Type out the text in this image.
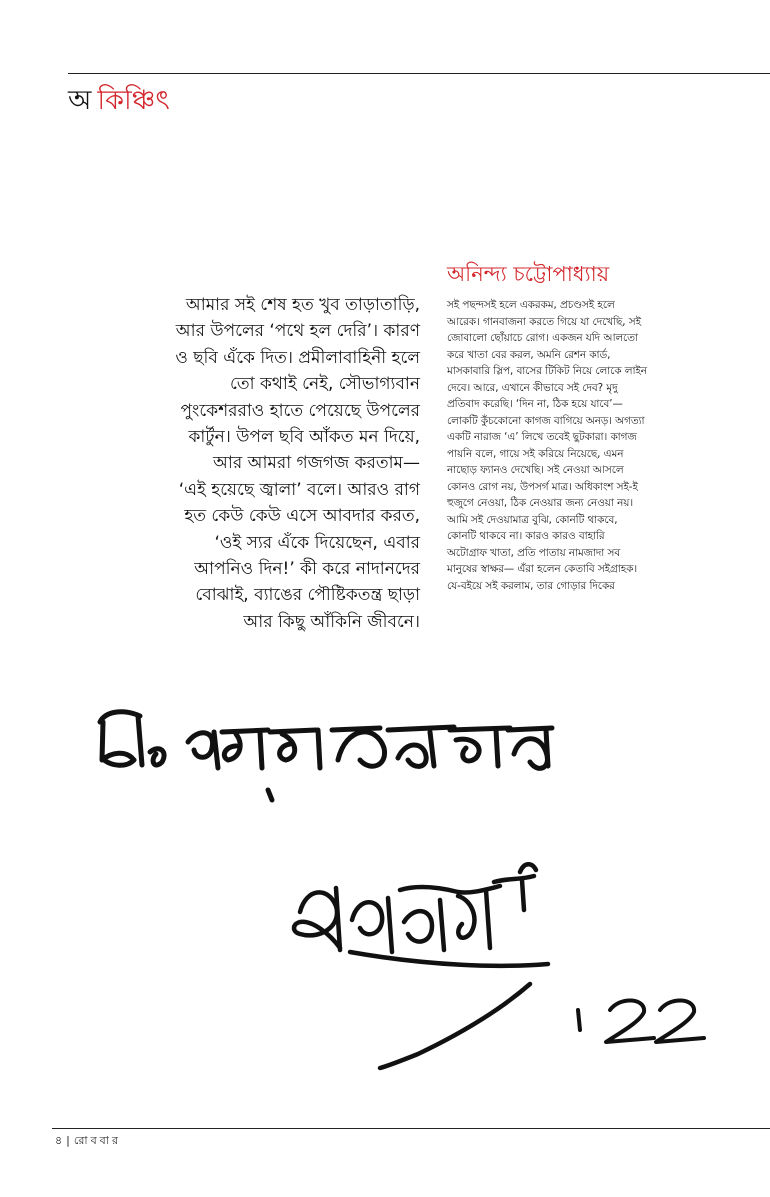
অ কিঞ্চিৎ
অনিন্দ্য চট্টোপাধ্যায়
আমার সই শেষ হত খুব তাড়াতাড়ি,
আর উপলের ‘পথে হল দেরি’। কারণ
ও ছবি এঁকে দিত। প্রমীলাবাহিনী হলে
তো কথাই নেই, সৌভাগ্যবান
পুংকেশররাও হাতে পেয়েছে উপলের
কার্টুন। উপল ছবি আঁকত মন দিয়ে,
আর আমরা গজগজ করতাম—
‘এই হয়েছে জ্বালা’ বলে। আরও রাগ
হত কেউ কেউ এসে আবদার করত,
‘ওই স্যর এঁকে দিয়েছেন, এবার
আপনিও দিন!’ কী করে নাদানদের
বোঝাই, ব্যাঙের পৌষ্টিকতন্ত্র ছাড়া
আর কিছু আঁকিনি জীবনে।
সই পছন্দসই হলে একরকম, প্রচণ্ডসই হলে
আরেক। গানবাজনা করতে গিয়ে যা দেখেছি, সই
জোবালো ছোঁয়াচে রোগ। একজন যদি আলতো
করে খাতা বের করল, অমনি রেশন কার্ড,
মাসকাবারি স্লিপ, বাসের টিকিট নিয়ে লোকে লাইন
দেবে। আরে, এখানে কীভাবে সই দেব? মৃদু
প্রতিবাদ করেছি। ‘দিন না, ঠিক হয়ে যাবে’—
লোকটি কুঁচকোনো কাগজ বাগিয়ে অনড়। অগত্যা
একটি নারাজ ‘এ’ লিখে তবেই ছুটকারা। কাগজ
পায়নি বলে, গায়ে সই করিয়ে নিয়েছে, এমন
নাছোড় ফ্যানও দেখেছি। সই নেওয়া আসলে
কোনও রোগ নয়, উপসর্গ মাত্র। অধিকাংশ সই-ই
হুজুগে নেওয়া, ঠিক নেওয়ার জন্য নেওয়া নয়।
আমি সই দেওয়ামাত্র বুঝি, কোনটি থাকবে,
কোনটি থাকবে না। কারও কারও বাহারি
অটোগ্রাফ খাতা, প্রতি পাতায় নামজাদা সব
মানুষের স্বাক্ষর— এঁরা হলেন কেতাবি সইগ্রাহক।
যে-বইয়ে সই করলাম, তার গোড়ার দিকের
৪ | রোববার
